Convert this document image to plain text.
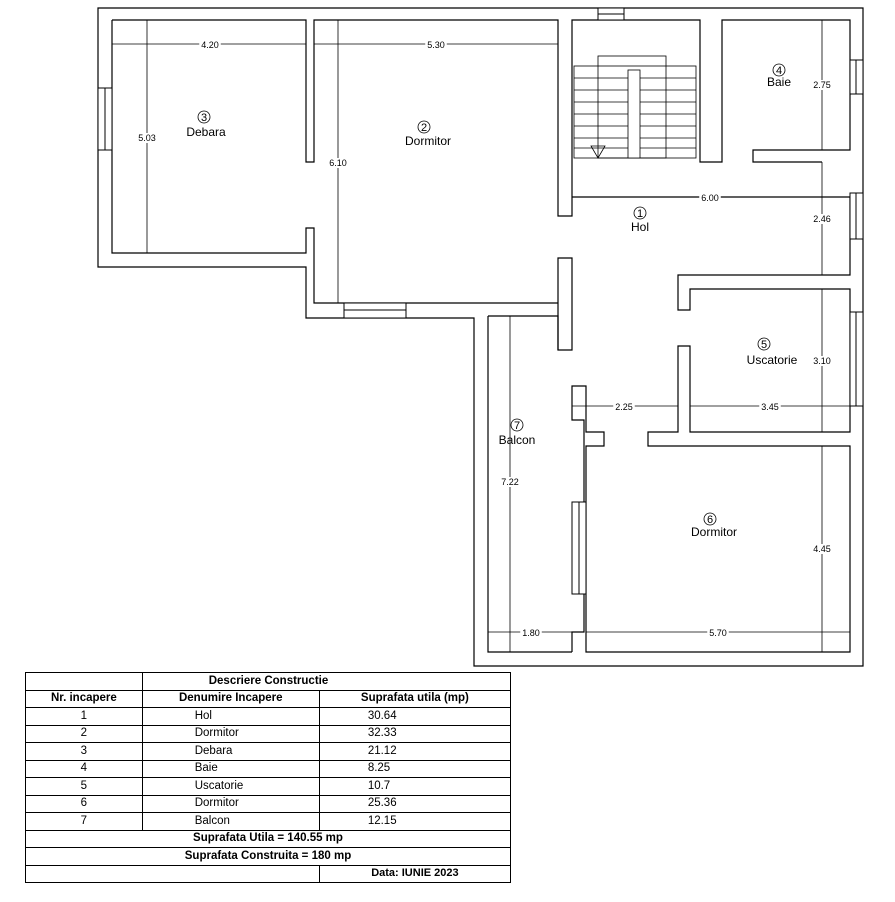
4.20	5.30
5.03
6.10
2.75
6.00
2.46
3.10
2.25	3.45
7.22
4.45
1.80	5.70
1
Hol
2
Dormitor
3
Debara
4
Baie
5
Uscatorie
6
Dormitor
7
Balcon
	Descriere Constructie	
Nr. incapere	Denumire Incapere	Suprafata utila (mp)
1	Hol	30.64
2	Dormitor	32.33
3	Debara	21.12
4	Baie	8.25
5	Uscatorie	10.7
6	Dormitor	25.36
7	Balcon	12.15
Suprafata Utila = 140.55 mp		
Suprafata Construita = 180 mp		
		Data: IUNIE 2023
